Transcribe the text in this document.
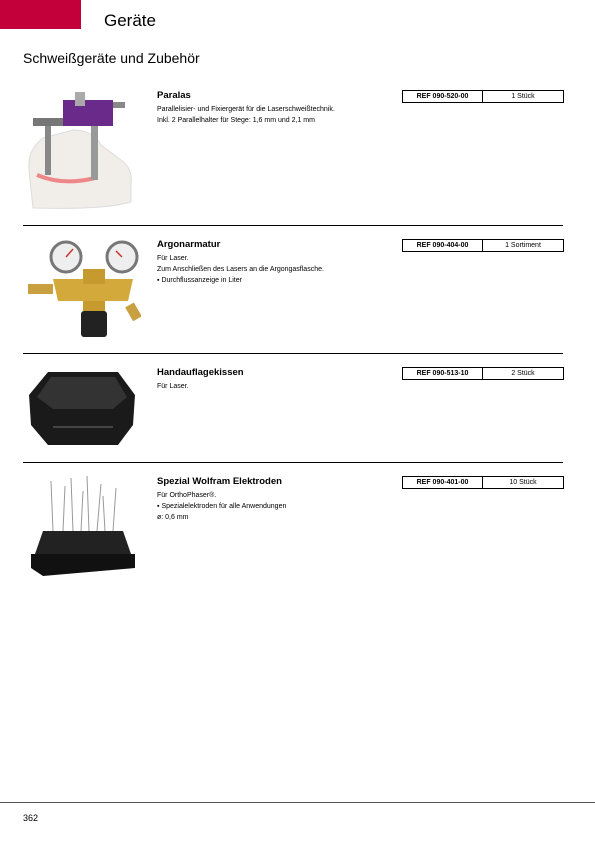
Geräte
Schweißgeräte und Zubehör

Paralas

Parallelisier- und Fixiergerät für die Laserschweißtechnik.

Inkl. 2 Parallelhalter für Stege: 1,6 mm und 2,1 mm

REF 090-520-00	1 Stück

Argonarmatur

Für Laser.

Zum Anschließen des Lasers an die Argongasflasche.

▪ Durchflussanzeige in Liter

REF 090-404-00	1 Sortiment

Handauflagekissen

Für Laser.

REF 090-513-10	2 Stück

Spezial Wolfram Elektroden

Für OrthoPhaser®.

▪ Spezialelektroden für alle Anwendungen

ø: 0,6 mm

REF 090-401-00	10 Stück
362
